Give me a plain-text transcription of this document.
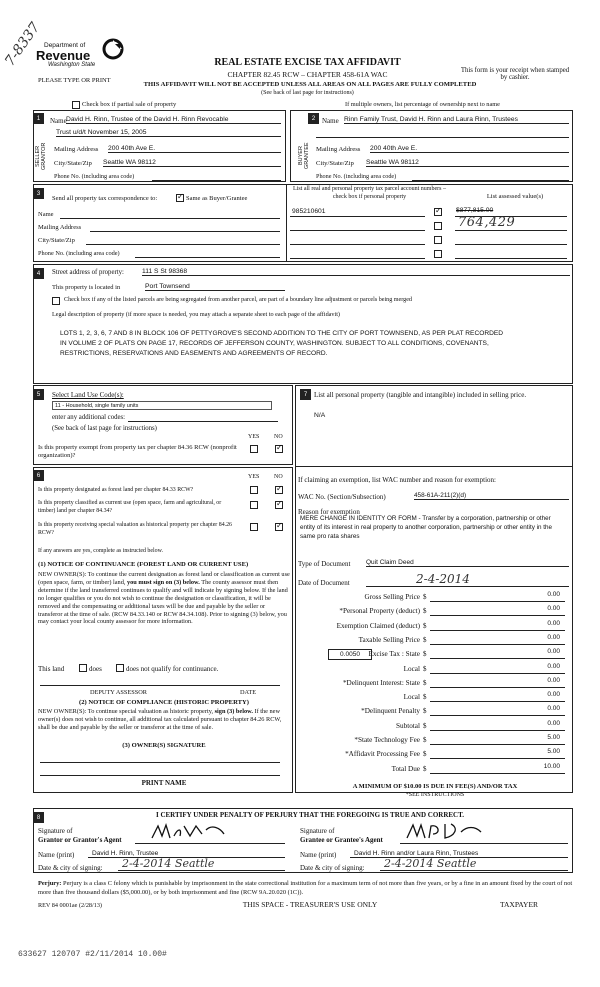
7-8337 Department of
Revenue
Washington State
PLEASE TYPE OR PRINT
REAL ESTATE EXCISE TAX AFFIDAVIT
CHAPTER 82.45 RCW – CHAPTER 458-61A WAC
THIS AFFIDAVIT WILL NOT BE ACCEPTED UNLESS ALL AREAS ON ALL PAGES ARE FULLY COMPLETED
(See back of last page for instructions)
This form is your receipt when stamped by cashier.
Check box if partial sale of property	If multiple owners, list percentage of ownership next to name
1	2
SELLER GRANTOR	BUYER GRANTEE
Name David H. Rinn, Trustee of the David H. Rinn Revocable
Trust u/d/t November 15, 2005
Mailing Address 200 40th Ave E.
City/State/Zip Seattle WA 98112
Phone No. (including area code)
Name Rinn Family Trust, David H. Rinn and Laura Rinn, Trustees
Mailing Address 200 40th Ave E.
City/State/Zip Seattle WA 98112
Phone No. (including area code)
3
Send all property tax correspondence to: ✓	Same as Buyer/Grantee
Name
Mailing Address
City/State/Zip
Phone No. (including area code)
List all real and personal property tax parcel account numbers – check box if personal property	List assessed value(s)
985210601 ✓	$877,815.00
764,429
4	Street address of property:	111 S St 98368
This property is located in	Port Townsend
Check box if any of the listed parcels are being segregated from another parcel, are part of a boundary line adjustment or parcels being merged
Legal description of property (if more space is needed, you may attach a separate sheet to each page of the affidavit)
LOTS 1, 2, 3, 6, 7 AND 8 IN BLOCK 106 OF PETTYGROVE'S SECOND ADDITION TO THE CITY OF PORT TOWNSEND, AS PER PLAT RECORDED IN VOLUME 2 OF PLATS ON PAGE 17, RECORDS OF JEFFERSON COUNTY, WASHINGTON. SUBJECT TO ALL CONDITIONS, COVENANTS, RESTRICTIONS, RESERVATIONS AND EASEMENTS AND AGREEMENTS OF RECORD.
5	Select Land Use Code(s):
11 - Household, single family units
enter any additional codes:
(See back of last page for instructions)
YES NO
Is this property exempt from property tax per chapter 84.36 RCW (nonprofit organization)?
✓
6	YES NO
Is this property designated as forest land per chapter 84.33 RCW?
✓
Is this property classified as current use (open space, farm and agricultural, or timber) land per chapter 84.34?
✓
Is this property receiving special valuation as historical property per chapter 84.26 RCW?
✓
If any answers are yes, complete as instructed below.
(1) NOTICE OF CONTINUANCE (FOREST LAND OR CURRENT USE)
NEW OWNER(S): To continue the current designation as forest land or classification as current use (open space, farm, or timber) land, you must sign on (3) below. The county assessor must then determine if the land transferred continues to qualify and will indicate by signing below. If the land no longer qualifies or you do not wish to continue the designation or classification, it will be removed and the compensating or additional taxes will be due and payable by the seller or transferor at the time of sale. (RCW 84.33.140 or RCW 84.34.108). Prior to signing (3) below, you may contact your local county assessor for more information.
This land	does	does not qualify for continuance.
DEPUTY ASSESSOR	DATE
(2) NOTICE OF COMPLIANCE (HISTORIC PROPERTY)
NEW OWNER(S): To continue special valuation as historic property, sign (3) below. If the new owner(s) does not wish to continue, all additional tax calculated pursuant to chapter 84.26 RCW, shall be due and payable by the seller or transferor at the time of sale.
(3) OWNER(S) SIGNATURE
PRINT NAME
7 List all personal property (tangible and intangible) included in selling price.
N/A
If claiming an exemption, list WAC number and reason for exemption:
WAC No. (Section/Subsection)	458-61A-211(2)(d)
Reason for exemption
MERE CHANGE IN IDENTITY OR FORM - Transfer by a corporation, partnership or other entity of its interest in real property to another corporation, partnership or other entity in the same pro rata shares
Type of Document Quit Claim Deed
Date of Document	2-4-2014
Gross Selling Price $	0.00
*Personal Property (deduct) $	0.00
Exemption Claimed (deduct) $	0.00
Taxable Selling Price $	0.00
Excise Tax : State $	0.00
Local $	0.00
*Delinquent Interest: State $	0.00
Local $	0.00
*Delinquent Penalty $	0.00
Subtotal $	0.00
*State Technology Fee $	5.00
*Affidavit Processing Fee $	5.00
Total Due $	10.00
0.0050
A MINIMUM OF $10.00 IS DUE IN FEE(S) AND/OR TAX
*SEE INSTRUCTIONS
8	I CERTIFY UNDER PENALTY OF PERJURY THAT THE FOREGOING IS TRUE AND CORRECT.
Signature of
Grantor or Grantor's Agent
Name (print)	David H. Rinn, Trustee
Date & city of signing:	2-4-2014 Seattle
Signature of
Grantee or Grantee's Agent
Name (print)	David H. Rinn and/or Laura Rinn, Trustees
Date & city of signing:	2-4-2014 Seattle
Perjury: Perjury is a class C felony which is punishable by imprisonment in the state correctional institution for a maximum term of not more than five years, or by a fine in an amount fixed by the court of not more than five thousand dollars ($5,000.00), or by both imprisonment and fine (RCW 9A.20.020 (1C)).
REV 84 0001ae (2/28/13)	THIS SPACE - TREASURER'S USE ONLY	TAXPAYER
633627 120707 #2/11/2014 10.00#
